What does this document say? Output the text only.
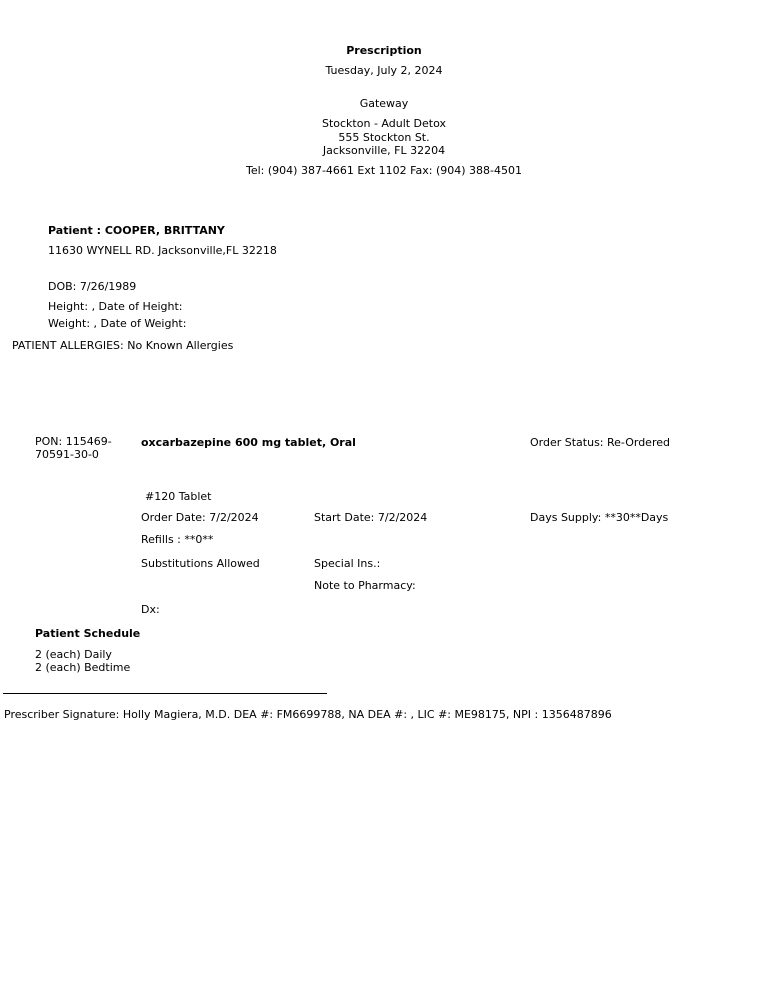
Prescription
Tuesday, July 2, 2024
Gateway
Stockton - Adult Detox
555 Stockton St.
Jacksonville, FL 32204
Tel: (904) 387-4661 Ext 1102 Fax: (904) 388-4501
Patient : COOPER, BRITTANY
11630 WYNELL RD. Jacksonville,FL 32218
DOB: 7/26/1989
Height: , Date of Height:
Weight: , Date of Weight:
PATIENT ALLERGIES: No Known Allergies
PON: 115469-
70591-30-0
oxcarbazepine 600 mg tablet, Oral	Order Status: Re-Ordered
#120 Tablet
Order Date: 7/2/2024	Start Date: 7/2/2024	Days Supply: **30**Days
Refills : **0**
Substitutions Allowed	Special Ins.:
Note to Pharmacy:
Dx:
Patient Schedule
2 (each) Daily
2 (each) Bedtime
Prescriber Signature: Holly Magiera, M.D. DEA #: FM6699788, NA DEA #: , LIC #: ME98175, NPI : 1356487896
